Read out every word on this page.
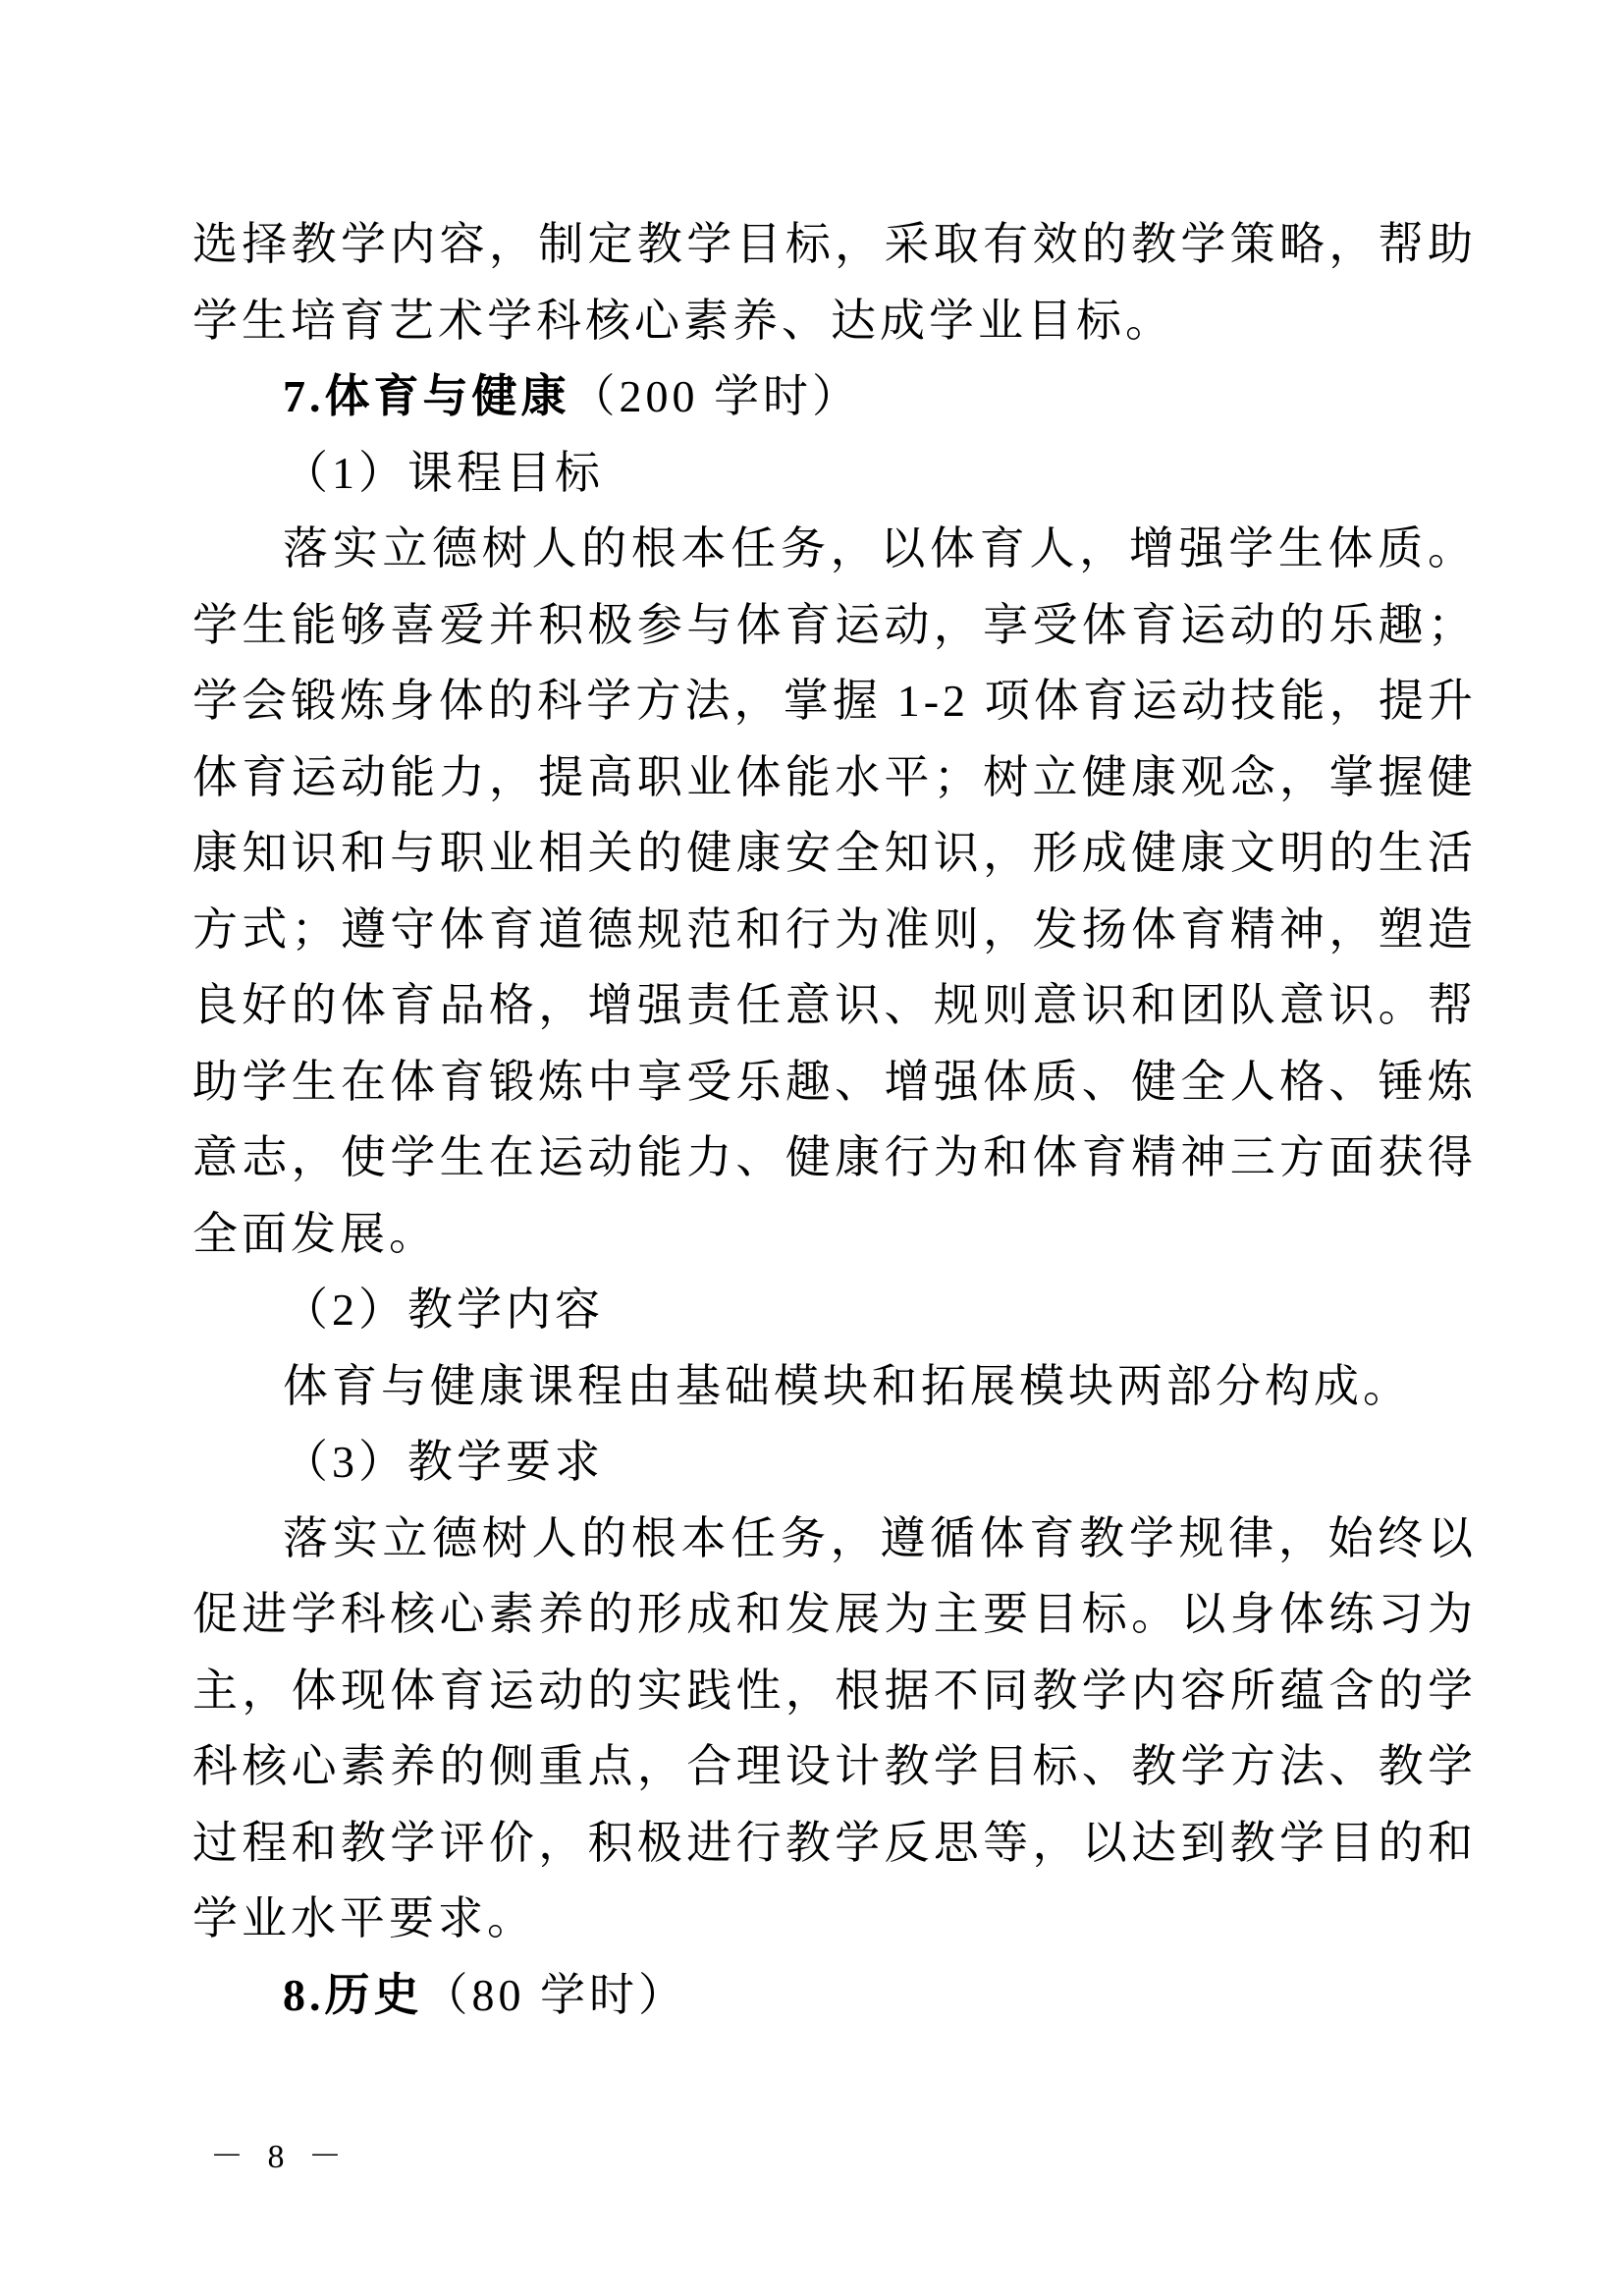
选择教学内容，制定教学目标，采取有效的教学策略，帮助学生培育艺术学科核心素养、达成学业目标。

7.体育与健康（200 学时）

（1）课程目标

落实立德树人的根本任务，以体育人，增强学生体质。学生能够喜爱并积极参与体育运动，享受体育运动的乐趣；学会锻炼身体的科学方法，掌握 1-2 项体育运动技能，提升体育运动能力，提高职业体能水平；树立健康观念，掌握健康知识和与职业相关的健康安全知识，形成健康文明的生活方式；遵守体育道德规范和行为准则，发扬体育精神，塑造良好的体育品格，增强责任意识、规则意识和团队意识。帮助学生在体育锻炼中享受乐趣、增强体质、健全人格、锤炼意志，使学生在运动能力、健康行为和体育精神三方面获得全面发展。

（2）教学内容

体育与健康课程由基础模块和拓展模块两部分构成。

（3）教学要求

落实立德树人的根本任务，遵循体育教学规律，始终以促进学科核心素养的形成和发展为主要目标。以身体练习为主，体现体育运动的实践性，根据不同教学内容所蕴含的学科核心素养的侧重点，合理设计教学目标、教学方法、教学过程和教学评价，积极进行教学反思等，以达到教学目的和学业水平要求。

8.历史（80 学时）

－ 8 －
